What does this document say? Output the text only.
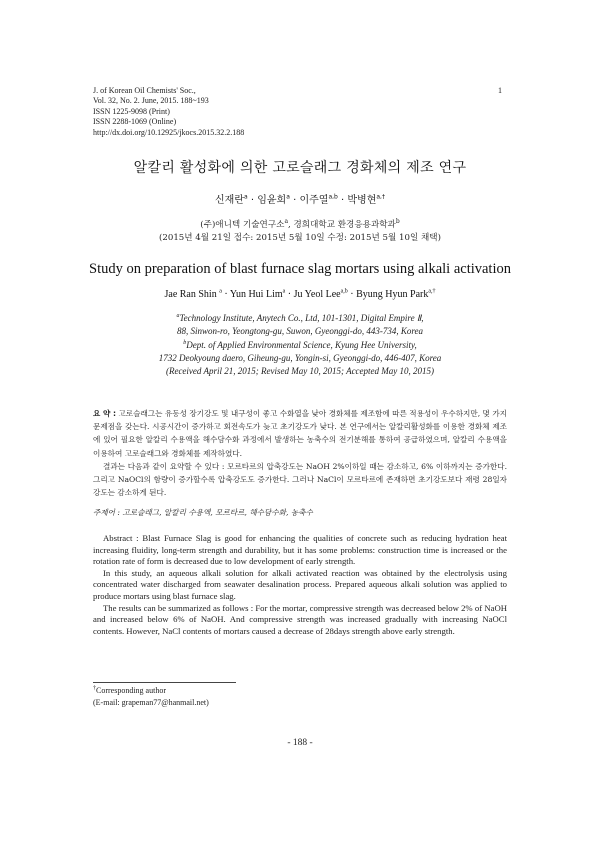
J. of Korean Oil Chemists' Soc.,
Vol. 32, No. 2. June, 2015. 188~193
ISSN 1225-9098 (Print)
ISSN 2288-1069 (Online)
http://dx.doi.org/10.12925/jkocs.2015.32.2.188
1
알칼리 활성화에 의한 고로슬래그 경화체의 제조 연구
신재란$^a$ · 임윤희$^a$ · 이주열$^{a,b}$ · 박병현$^{a,\dagger}$
(주)애니텍 기술연구소$^a$, 경희대학교 환경응용과학과$^b$
(2015년 4월 21일 접수: 2015년 5월 10일 수정: 2015년 5월 10일 채택)
Study on preparation of blast furnace slag mortars using alkali activation
Jae Ran Shin $^a$ · Yun Hui Lim$^a$ · Ju Yeol Lee$^{a,b}$ · Byung Hyun Park$^{a,\dagger}$
$^a$Technology Institute, Anytech Co., Ltd, 101-1301, Digital Empire Ⅱ,
88, Sinwon-ro, Yeongtong-gu, Suwon, Gyeonggi-do, 443-734, Korea
$^b$Dept. of Applied Environmental Science, Kyung Hee University,
1732 Deokyoung daero, Giheung-gu, Yongin-si, Gyeonggi-do, 446-407, Korea
(Received April 21, 2015; Revised May 10, 2015; Accepted May 10, 2015)

요 약 : 고로슬래그는 유동성 장기강도 및 내구성이 좋고 수화열을 낮아 경화체를 제조함에 따른 적용성이 우수하지만, 몇 가지 문제점을 갖는다. 시공시간이 증가하고 회전속도가 늦고 초기강도가 낮다. 본 연구에서는 알칼리활성화를 이용한 경화체 제조에 있어 필요한 알칼리 수용액을 해수담수화 과정에서 발생하는 농축수의 전기분해를 통하여 공급하였으며, 알칼리 수용액을 이용하여 고로슬래그와 경화체를 제작하였다.

결과는 다음과 같이 요약할 수 있다 : 모르타르의 압축강도는 NaOH 2%이하일 때는 감소하고, 6% 이하까지는 증가한다. 그리고 NaOCl의 함량이 증가할수록 압축강도도 증가한다. 그러나 NaCl이 모르타르에 존재하면 초기강도보다 재령 28일자 강도는 감소하게 된다.

주제어 : 고로슬래그, 알칼리 수용액, 모르타르, 해수담수화, 농축수

Abstract : Blast Furnace Slag is good for enhancing the qualities of concrete such as reducing hydration heat increasing fluidity, long-term strength and durability, but it has some problems: construction time is increased or the rotation rate of form is decreased due to low development of early strength.

In this study, an aqueous alkali solution for alkali activated reaction was obtained by the electrolysis using concentrated water discharged from seawater desalination process. Prepared aqueous alkali solution was applied to produce mortars using blast furnace slag.

The results can be summarized as follows : For the mortar, compressive strength was decreased below 2% of NaOH and increased below 6% of NaOH. And compressive strength was increased gradually with increasing NaOCl contents. However, NaCl contents of mortars caused a decrease of 28days strength above early strength.

†Corresponding author
(E-mail: grapeman77@hanmail.net)
- 188 -
